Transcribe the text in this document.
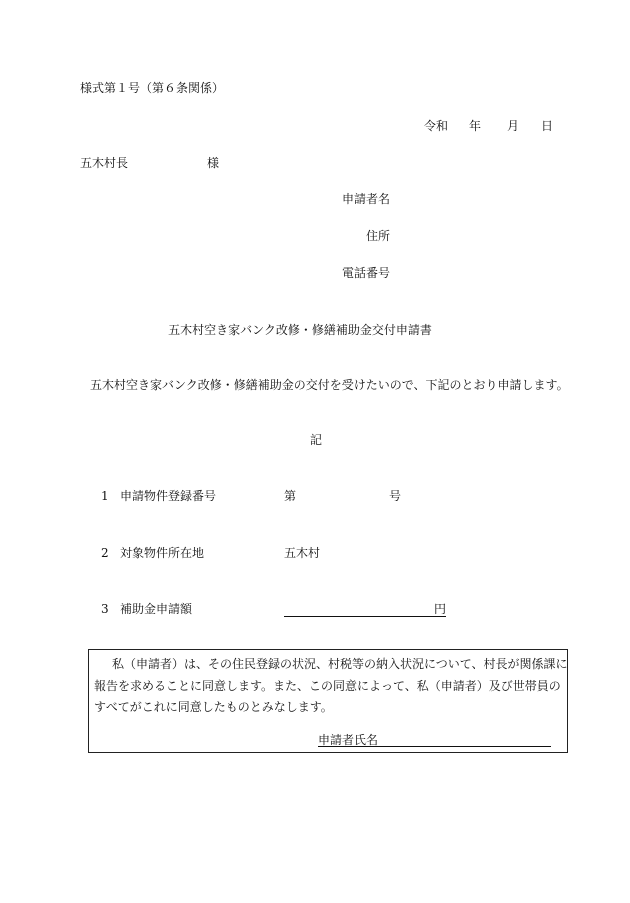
様式第１号（第６条関係）
令和 年 月 日
五木村長	様
申請者名
住所
電話番号
五木村空き家バンク改修・修繕補助金交付申請書
五木村空き家バンク改修・修繕補助金の交付を受けたいので、下記のとおり申請します。
記
1 申請物件登録番号	第	号
2 対象物件所在地	五木村
3 補助金申請額	円
私（申請者）は、その住民登録の状況、村税等の納入状況について、村長が関係課に
報告を求めることに同意します。また、この同意によって、私（申請者）及び世帯員の
すべてがこれに同意したものとみなします。
申請者氏名
